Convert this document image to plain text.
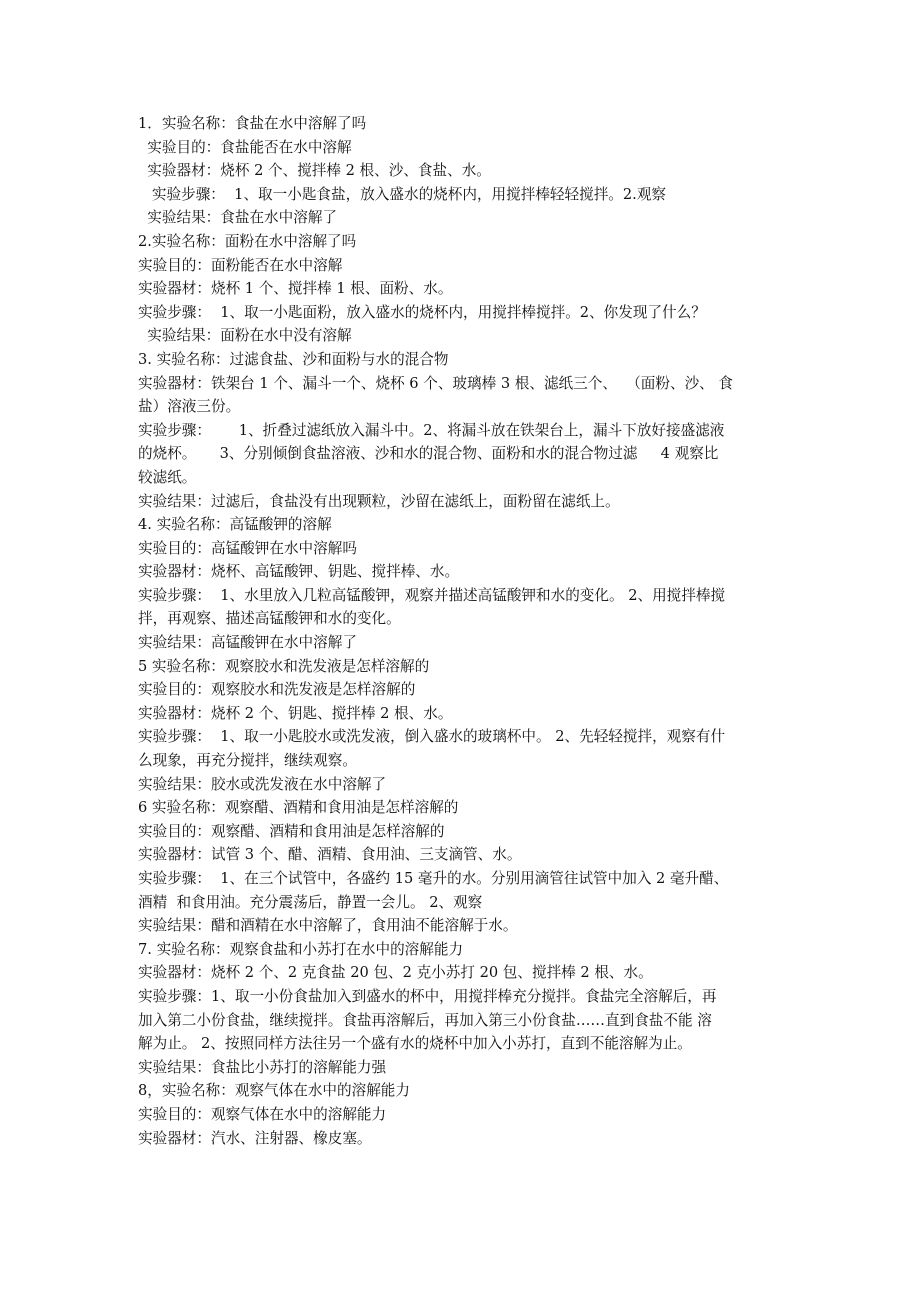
1．实验名称：食盐在水中溶解了吗

实验目的：食盐能否在水中溶解

实验器材：烧杯 2 个、搅拌棒 2 根、沙、食盐、水。

实验步骤：  1、取一小匙食盐，放入盛水的烧杯内，用搅拌棒轻轻搅拌。2.观察

实验结果：食盐在水中溶解了

2.实验名称：面粉在水中溶解了吗

实验目的：面粉能否在水中溶解

实验器材：烧杯 1 个、搅拌棒 1 根、面粉、水。

实验步骤：  1、取一小匙面粉，放入盛水的烧杯内，用搅拌棒搅拌。2、你发现了什么？

实验结果：面粉在水中没有溶解

3. 实验名称：过滤食盐、沙和面粉与水的混合物

实验器材：铁架台 1 个、漏斗一个、烧杯 6 个、玻璃棒 3 根、滤纸三个、  （面粉、沙、 食

盐）溶液三份。

实验步骤：      1、折叠过滤纸放入漏斗中。2、将漏斗放在铁架台上，漏斗下放好接盛滤液

的烧杯。     3、分别倾倒食盐溶液、沙和水的混合物、面粉和水的混合物过滤     4 观察比

较滤纸。

实验结果：过滤后，食盐没有出现颗粒，沙留在滤纸上，面粉留在滤纸上。

4. 实验名称：高锰酸钾的溶解

实验目的：高锰酸钾在水中溶解吗

实验器材：烧杯、高锰酸钾、钥匙、搅拌棒、水。

实验步骤：  1、水里放入几粒高锰酸钾，观察并描述高锰酸钾和水的变化。 2、用搅拌棒搅

拌，再观察、描述高锰酸钾和水的变化。

实验结果：高锰酸钾在水中溶解了

5 实验名称：观察胶水和洗发液是怎样溶解的

实验目的：观察胶水和洗发液是怎样溶解的

实验器材：烧杯 2 个、钥匙、搅拌棒 2 根、水。

实验步骤：  1、取一小匙胶水或洗发液，倒入盛水的玻璃杯中。 2、先轻轻搅拌，观察有什

么现象，再充分搅拌，继续观察。

实验结果：胶水或洗发液在水中溶解了

6 实验名称：观察醋、酒精和食用油是怎样溶解的

实验目的：观察醋、酒精和食用油是怎样溶解的

实验器材：试管 3 个、醋、酒精、食用油、三支滴管、水。

实验步骤：  1、在三个试管中，各盛约 15 毫升的水。分别用滴管往试管中加入 2 毫升醋、

酒精  和食用油。充分震荡后，静置一会儿。 2、观察

实验结果：醋和酒精在水中溶解了，食用油不能溶解于水。

7. 实验名称：观察食盐和小苏打在水中的溶解能力

实验器材：烧杯 2 个、2 克食盐 20 包、2 克小苏打 20 包、搅拌棒 2 根、水。

实验步骤：1、取一小份食盐加入到盛水的杯中，用搅拌棒充分搅拌。食盐完全溶解后，再

加入第二小份食盐，继续搅拌。食盐再溶解后，再加入第三小份食盐……直到食盐不能 溶

解为止。 2、按照同样方法往另一个盛有水的烧杯中加入小苏打，直到不能溶解为止。

实验结果：食盐比小苏打的溶解能力强

8，实验名称：观察气体在水中的溶解能力

实验目的：观察气体在水中的溶解能力

实验器材：汽水、注射器、橡皮塞。
